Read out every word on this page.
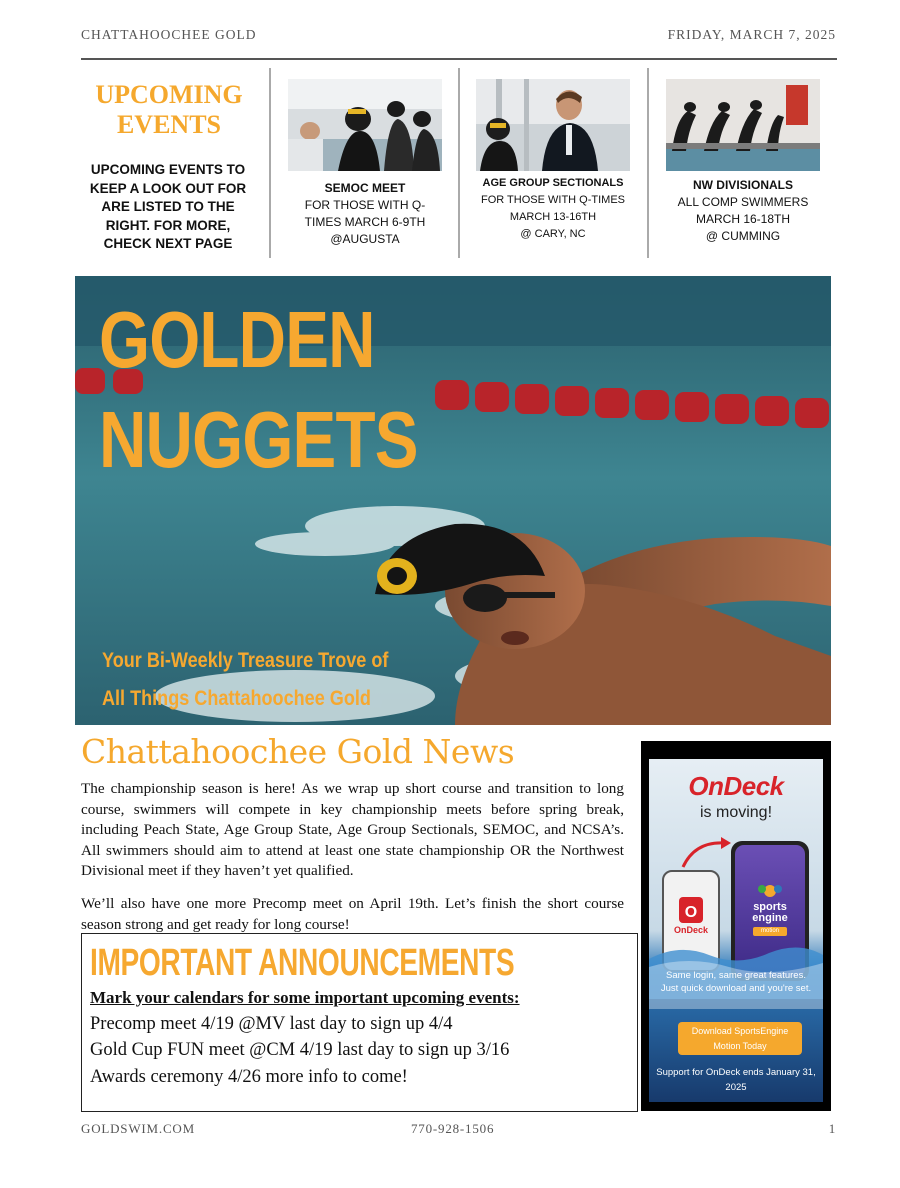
CHATTAHOOCHEE GOLD	FRIDAY, MARCH 7, 2025
UPCOMING EVENTS
UPCOMING EVENTS TO KEEP A LOOK OUT FOR ARE LISTED TO THE RIGHT. FOR MORE, CHECK NEXT PAGE
SEMOC MEET
FOR THOSE WITH Q-
TIMES MARCH 6-9TH
@AUGUSTA
AGE GROUP SECTIONALS
FOR THOSE WITH Q-TIMES
MARCH 13-16TH
@ CARY, NC
NW DIVISIONALS
ALL COMP SWIMMERS
MARCH 16-18TH
@ CUMMING
GOLDEN
NUGGETS
Your Bi-Weekly Treasure Trove of
All Things Chattahoochee Gold
Chattahoochee Gold News
The championship season is here! As we wrap up short course and transition to long course, swimmers will compete in key championship meets before spring break, including Peach State, Age Group State, Age Group Sectionals, SEMOC, and NCSA’s. All swimmers should aim to attend at least one state championship OR the Northwest Divisional meet if they haven’t yet qualified.
We’ll also have one more Precomp meet on April 19th. Let’s finish the short course season strong and get ready for long course!
IMPORTANT ANNOUNCEMENTS
Mark your calendars for some important upcoming events:
Precomp meet 4/19 @MV last day to sign up 4/4
Gold Cup FUN meet @CM 4/19 last day to sign up 3/16
Awards ceremony 4/26 more info to come!
O
OnDeck
is moving!
OnDeck
sports
engine
motion
Same login, same great features. Just quick download and you're set.
Download SportsEngine
Motion Today
Support for OnDeck ends January 31,
2025
GOLDSWIM.COM	770-928-1506	1
